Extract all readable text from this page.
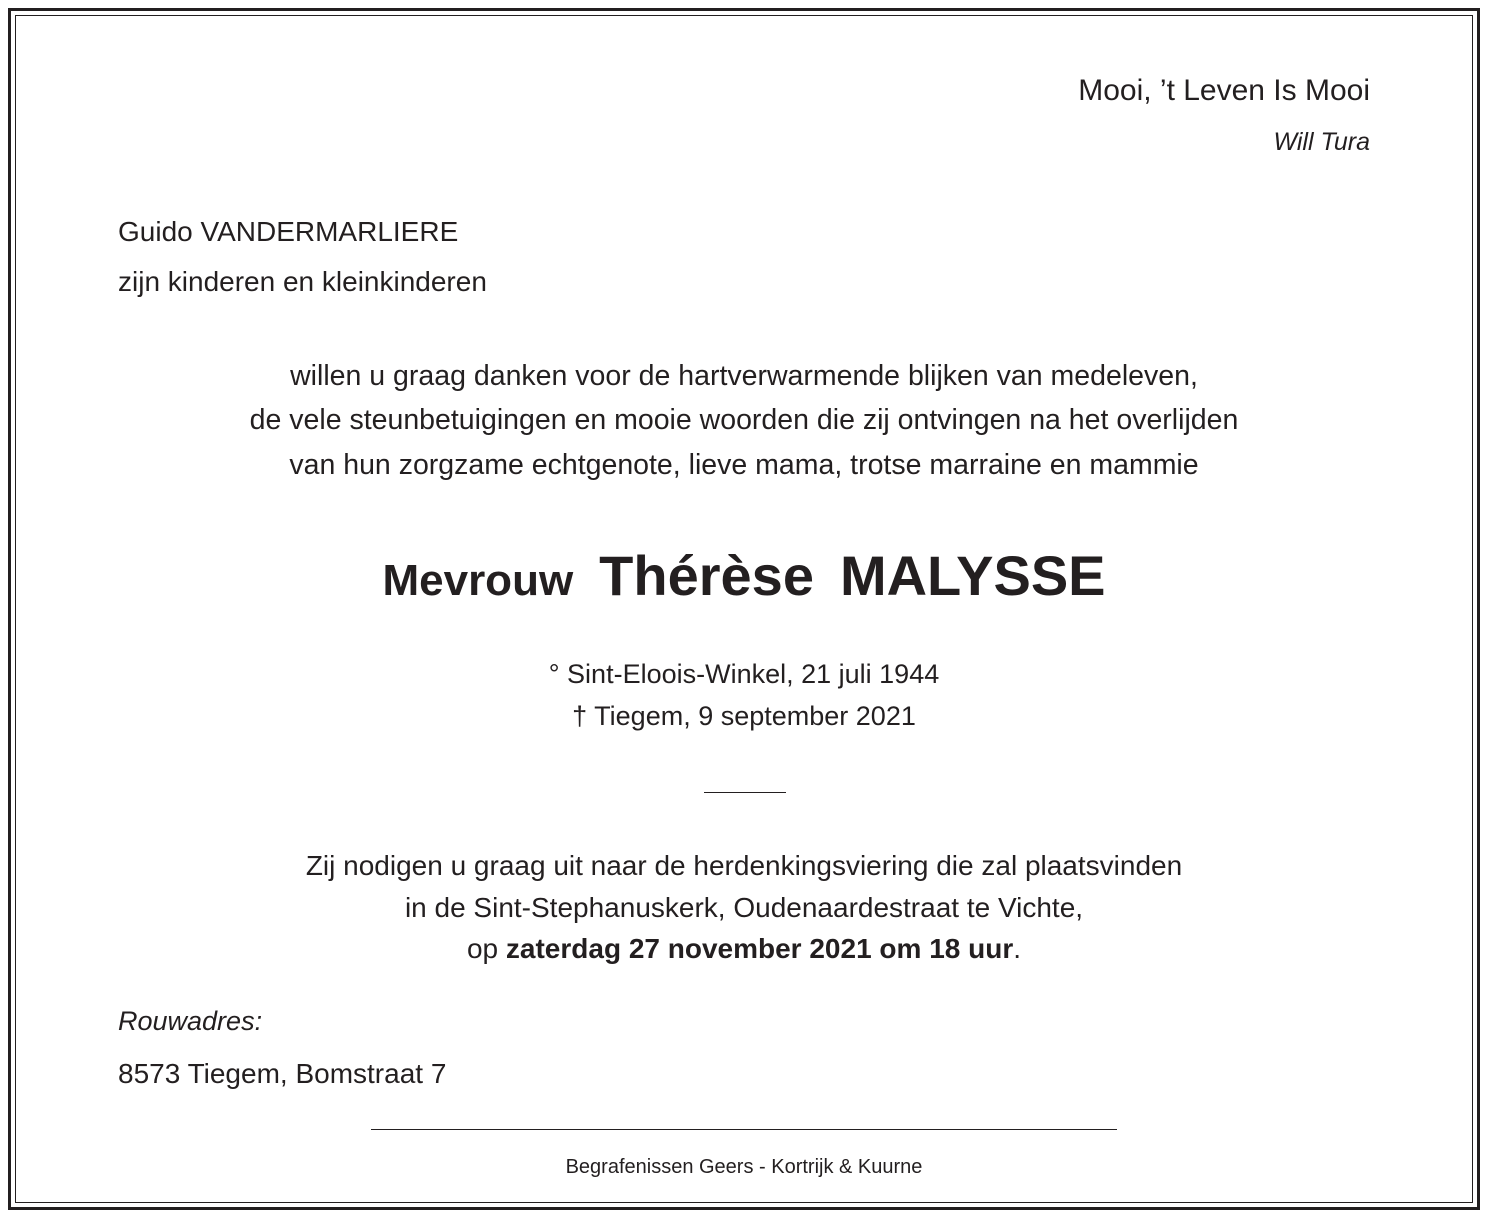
Mooi, ’t Leven Is Mooi
Will Tura
Guido VANDERMARLIERE
zijn kinderen en kleinkinderen
willen u graag danken voor de hartverwarmende blijken van medeleven,
de vele steunbetuigingen en mooie woorden die zij ontvingen na het overlijden
van hun zorgzame echtgenote, lieve mama, trotse marraine en mammie
Mevrouw Thérèse MALYSSE
° Sint-Eloois-Winkel, 21 juli 1944
† Tiegem, 9 september 2021
Zij nodigen u graag uit naar de herdenkingsviering die zal plaatsvinden
in de Sint-Stephanuskerk, Oudenaardestraat te Vichte,
op zaterdag 27 november 2021 om 18 uur.
Rouwadres:
8573 Tiegem, Bomstraat 7
Begrafenissen Geers - Kortrijk & Kuurne
